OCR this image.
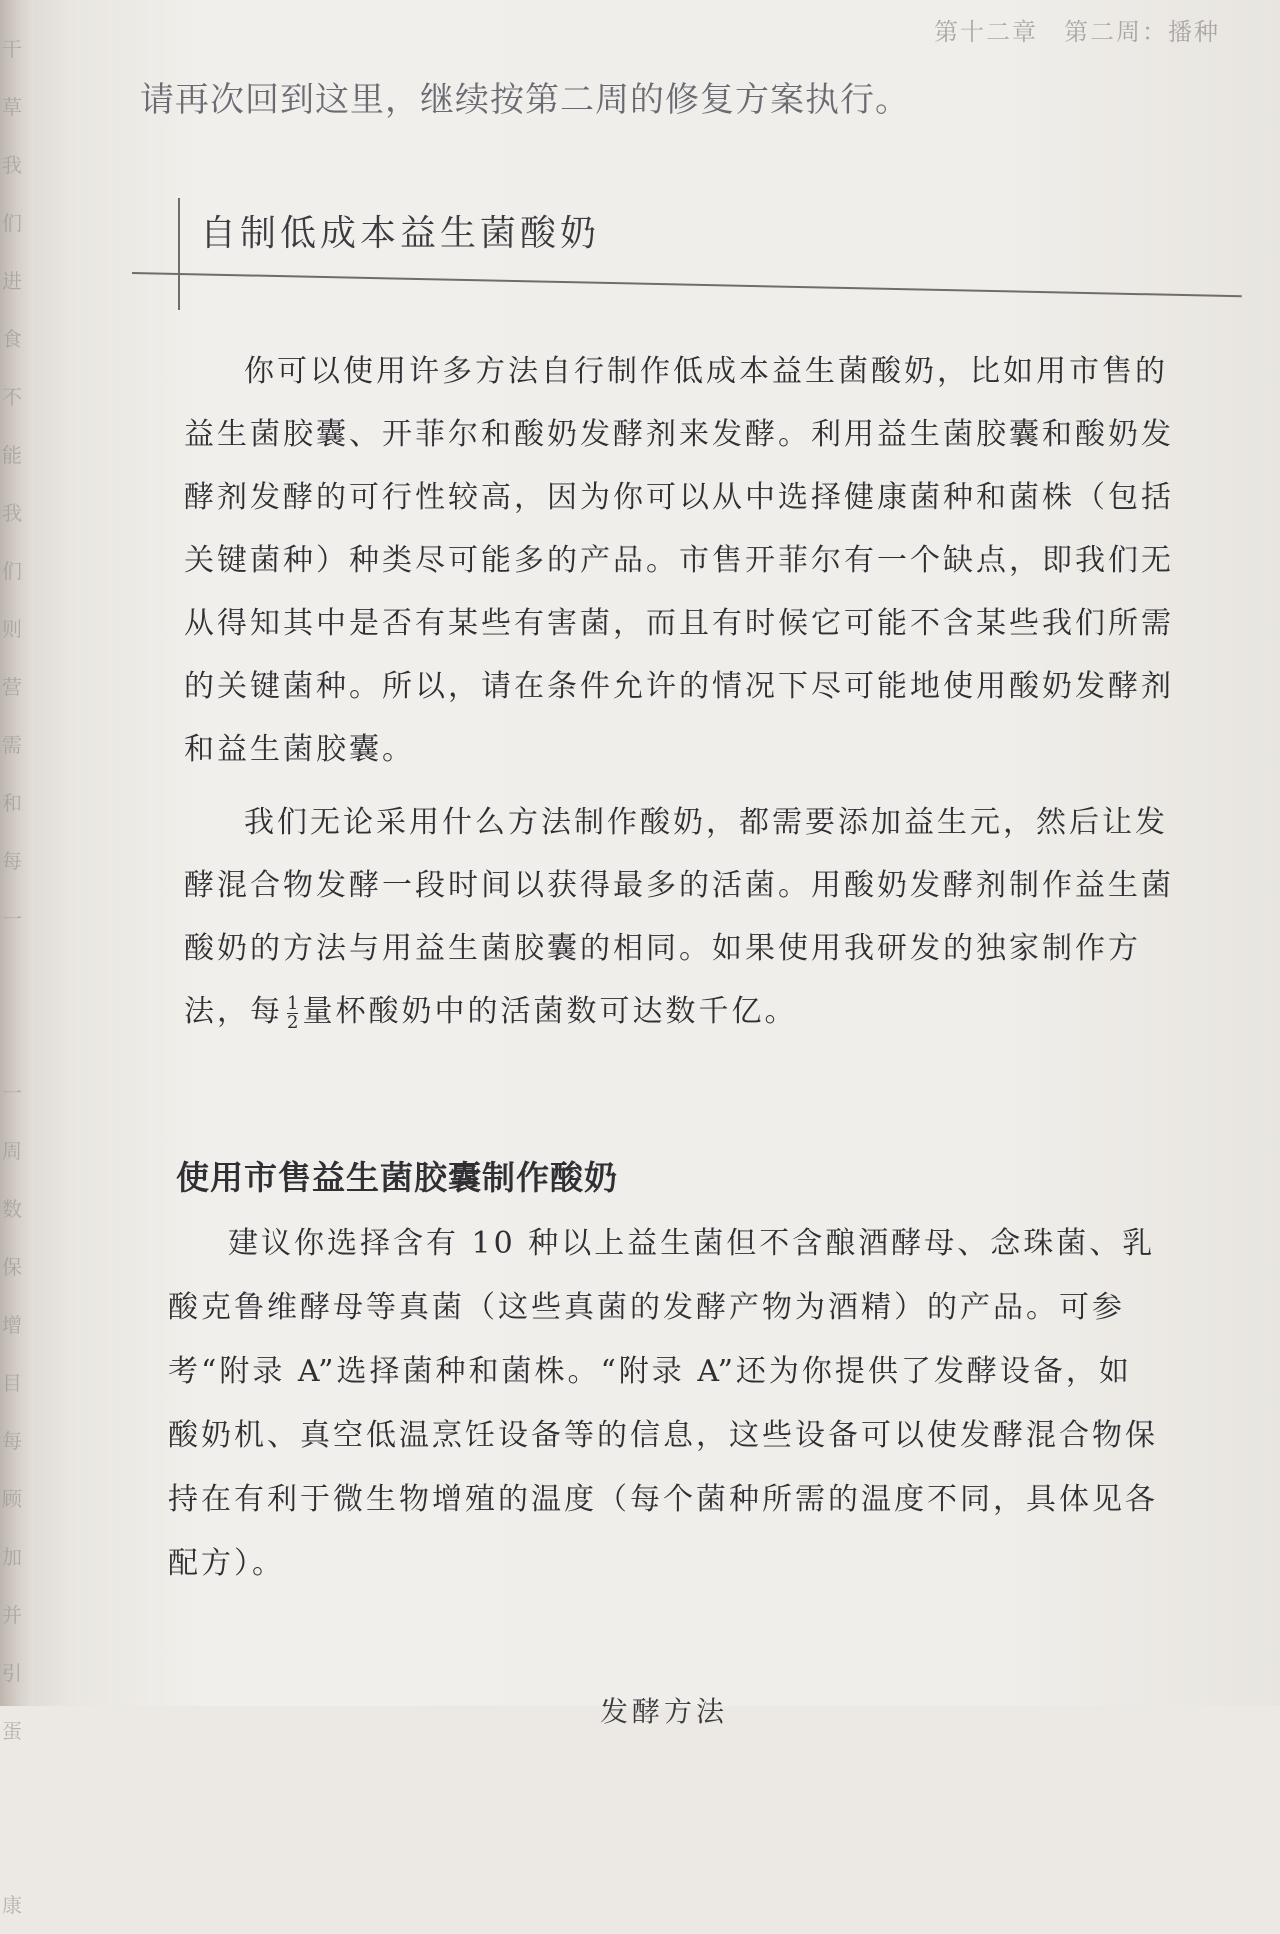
干草
我们
进食
不能
我们
则
营
需和
每一

一周数
保
增目
每顾
加
并引
蛋

康

第十二章　第二周：播种
请再次回到这里，继续按第二周的修复方案执行。
自制低成本益生菌酸奶

你可以使用许多方法自行制作低成本益生菌酸奶，比如用市售的益生菌胶囊、开菲尔和酸奶发酵剂来发酵。利用益生菌胶囊和酸奶发酵剂发酵的可行性较高，因为你可以从中选择健康菌种和菌株（包括关键菌种）种类尽可能多的产品。市售开菲尔有一个缺点，即我们无从得知其中是否有某些有害菌，而且有时候它可能不含某些我们所需的关键菌种。所以，请在条件允许的情况下尽可能地使用酸奶发酵剂和益生菌胶囊。

我们无论采用什么方法制作酸奶，都需要添加益生元，然后让发酵混合物发酵一段时间以获得最多的活菌。用酸奶发酵剂制作益生菌酸奶的方法与用益生菌胶囊的相同。如果使用我研发的独家制作方法，每 $\frac{1}{2}$ 量杯酸奶中的活菌数可达数千亿。

使用市售益生菌胶囊制作酸奶

建议你选择含有 10 种以上益生菌但不含酿酒酵母、念珠菌、乳酸克鲁维酵母等真菌（这些真菌的发酵产物为酒精）的产品。可参考“附录 A”选择菌种和菌株。“附录 A”还为你提供了发酵设备，如酸奶机、真空低温烹饪设备等的信息，这些设备可以使发酵混合物保持在有利于微生物增殖的温度（每个菌种所需的温度不同，具体见各配方）。

发酵方法
